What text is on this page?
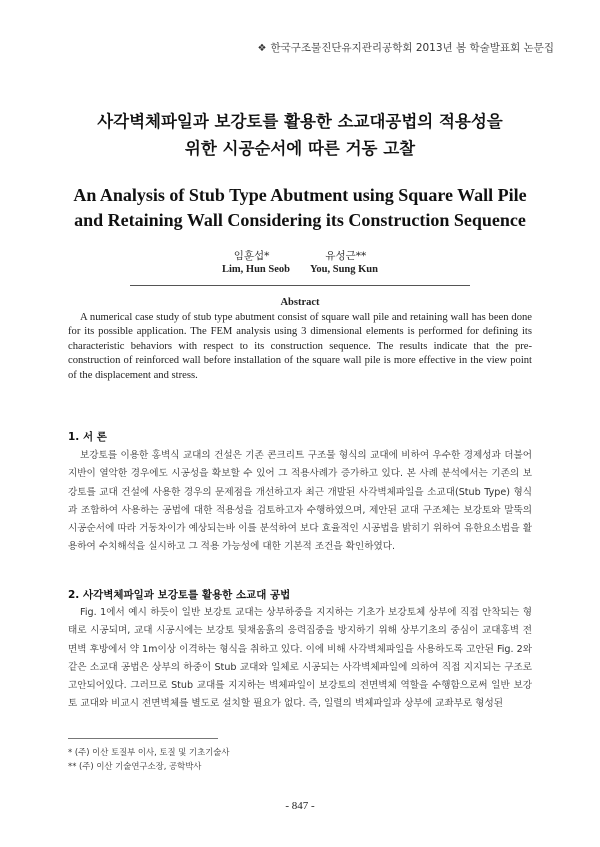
❖ 한국구조물진단유지관리공학회 2013년 봄 학술발표회 논문집
사각벽체파일과 보강토를 활용한 소교대공법의 적용성을
위한 시공순서에 따른 거동 고찰
An Analysis of Stub Type Abutment using Square Wall Pile
and Retaining Wall Considering its Construction Sequence
임훈섭*	유성근**
Lim, Hun Seob You, Sung Kun
Abstract
A numerical case study of stub type abutment consist of square wall pile and retaining wall has been done for its possible application. The FEM analysis using 3 dimensional elements is performed for defining its characteristic behaviors with respect to its construction sequence. The results indicate that the pre-construction of reinforced wall before installation of the square wall pile is more effective in the view point of the displacement and stress.
1. 서 론
보강토를 이용한 홍벽식 교대의 건설은 기존 콘크리트 구조물 형식의 교대에 비하여 우수한 경제성과 더불어 지반이 열악한 경우에도 시공성을 확보할 수 있어 그 적용사례가 증가하고 있다. 본 사례 분석에서는 기존의 보강토를 교대 건설에 사용한 경우의 문제점을 개선하고자 최근 개발된 사각벽체파일을 소교대(Stub Type) 형식과 조합하여 사용하는 공법에 대한 적용성을 검토하고자 수행하였으며, 제안된 교대 구조체는 보강토와 말뚝의 시공순서에 따라 거동차이가 예상되는바 이를 분석하여 보다 효율적인 시공법을 밝히기 위하여 유한요소법을 활용하여 수치해석을 실시하고 그 적용 가능성에 대한 기본적 조건을 확인하였다.
2. 사각벽체파일과 보강토를 활용한 소교대 공법
Fig. 1에서 예시 하듯이 일반 보강토 교대는 상부하중을 지지하는 기초가 보강토체 상부에 직접 안착되는 형태로 시공되며, 교대 시공시에는 보강토 뒷채움흙의 응력집중을 방지하기 위해 상부기초의 중심이 교대홍벽 전면벽 후방에서 약 1m이상 이격하는 형식을 취하고 있다. 이에 비해 사각벽체파일을 사용하도록 고안된 Fig. 2와 같은 소교대 공법은 상부의 하중이 Stub 교대와 일체로 시공되는 사각벽체파일에 의하여 직접 지지되는 구조로 고안되어있다. 그러므로 Stub 교대를 지지하는 벽체파일이 보강토의 전면벽체 역할을 수행함으로써 일반 보강토 교대와 비교시 전면벽체를 별도로 설치할 필요가 없다. 즉, 일렬의 벽체파일과 상부에 교좌부로 형성된
* (주) 이산 토질부 이사, 토질 및 기초기술사
** (주) 이산 기술연구소장, 공학박사
- 847 -
